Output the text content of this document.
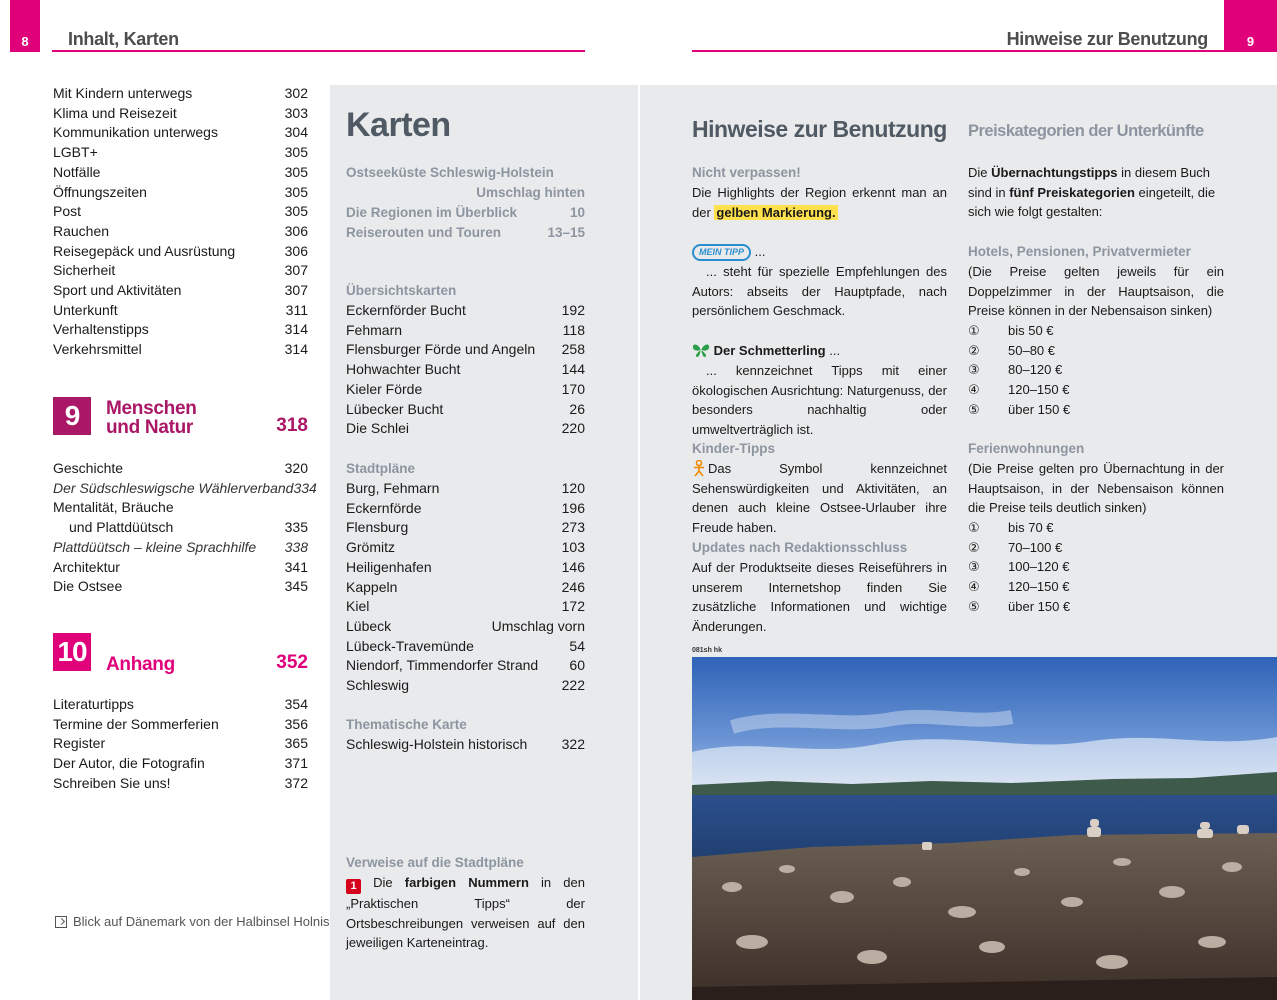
8 Inhalt, Karten	Hinweise zur Benutzung	9
Mit Kindern unterwegs	302
Klima und Reisezeit	303
Kommunikation unterwegs	304
LGBT+	305
Notfälle	305
Öffnungszeiten	305
Post	305
Rauchen	306
Reisegepäck und Ausrüstung	306
Sicherheit	307
Sport und Aktivitäten	307
Unterkunft	311
Verhaltenstipps	314
Verkehrsmittel	314
9 Menschen
und Natur	318
Geschichte	320
Der Südschleswigsche Wählerverband 334
Mentalität, Bräuche
und Plattdüütsch	335
Plattdüütsch – kleine Sprachhilfe 338
Architektur	341
Die Ostsee	345
10 Anhang	352
Literaturtipps	354
Termine der Sommerferien	356
Register	365
Der Autor, die Fotografin	371
Schreiben Sie uns!	372
Blick auf Dänemark von der Halbinsel Holnis
Karten
Ostseeküste Schleswig-Holstein
Umschlag hinten
Die Regionen im Überblick	10
Reiserouten und Touren	13–15
Übersichtskarten
Eckernförder Bucht	192
Fehmarn	118
Flensburger Förde und Angeln 258
Hohwachter Bucht	144
Kieler Förde	170
Lübecker Bucht	26
Die Schlei	220
Stadtpläne
Burg, Fehmarn	120
Eckernförde	196
Flensburg	273
Grömitz	103
Heiligenhafen	146
Kappeln	246
Kiel	172
Lübeck	Umschlag vorn
Lübeck-Travemünde	54
Niendorf, Timmendorfer Strand 60
Schleswig	222
Thematische Karte
Schleswig-Holstein historisch 322
Verweise auf die Stadtpläne
1 Die farbigen Nummern in den „Praktischen Tipps“ der Ortsbeschreibungen verweisen auf den jeweiligen Karteneintrag.
Hinweise zur Benutzung
Nicht verpassen!
Die Highlights der Region erkennt man an der gelben Markierung.
MEIN TIPP ...
... steht für spezielle Empfehlungen des Autors: abseits der Hauptpfade, nach persönlichem Geschmack.
Der Schmetterling ...
... kennzeichnet Tipps mit einer ökologischen Ausrichtung: Naturgenuss, der besonders nachhaltig oder umweltverträglich ist.
Kinder-Tipps
Das Symbol kennzeichnet Sehenswürdigkeiten und Aktivitäten, an denen auch kleine Ostsee-Urlauber ihre Freude haben.
Updates nach Redaktionsschluss
Auf der Produktseite dieses Reiseführers in unserem Internetshop finden Sie zusätzliche Informationen und wichtige Änderungen.
Preiskategorien der Unterkünfte
Die Übernachtungstipps in diesem Buch sind in fünf Preiskategorien eingeteilt, die sich wie folgt gestalten:
Hotels, Pensionen, Privatvermieter
(Die Preise gelten jeweils für ein Doppelzimmer in der Hauptsaison, die Preise können in der Nebensaison sinken)
①	bis 50 €
②	50–80 €
③	80–120 €
④	120–150 €
⑤	über 150 €
Ferienwohnungen
(Die Preise gelten pro Übernachtung in der Hauptsaison, in der Nebensaison können die Preise teils deutlich sinken)
①	bis 70 €
②	70–100 €
③	100–120 €
④	120–150 €
⑤	über 150 €
081sh hk
